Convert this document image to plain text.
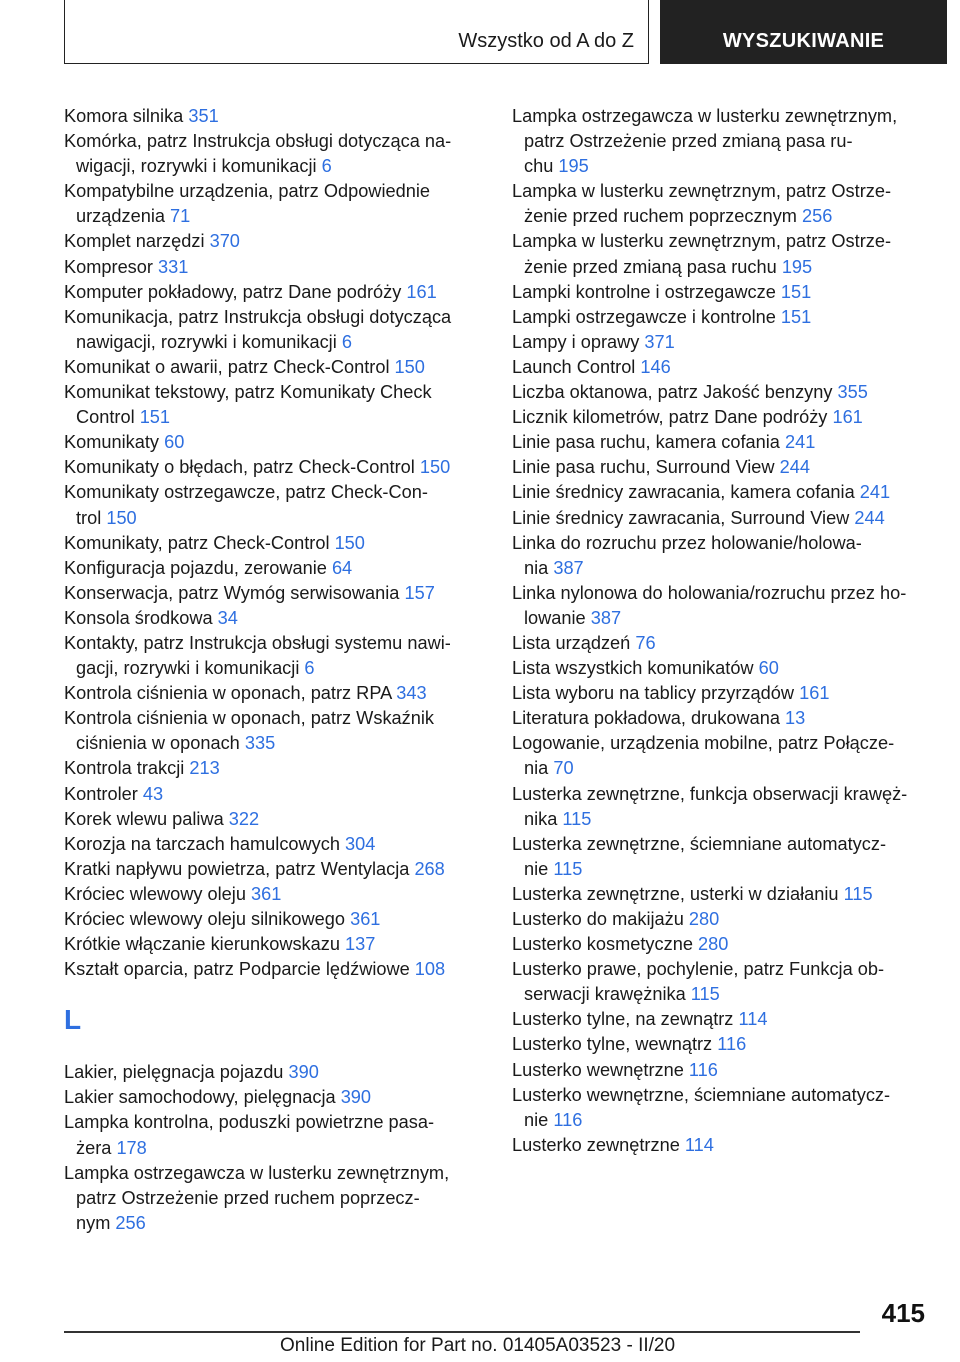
Wszystko od A do Z	WYSZUKIWANIE
Komora silnika 351
Komórka, patrz Instrukcja obsługi dotycząca na-
wigacji, rozrywki i komunikacji 6
Kompatybilne urządzenia, patrz Odpowiednie
urządzenia 71
Komplet narzędzi 370
Kompresor 331
Komputer pokładowy, patrz Dane podróży 161
Komunikacja, patrz Instrukcja obsługi dotycząca
nawigacji, rozrywki i komunikacji 6
Komunikat o awarii, patrz Check-Control 150
Komunikat tekstowy, patrz Komunikaty Check
Control 151
Komunikaty 60
Komunikaty o błędach, patrz Check-Control 150
Komunikaty ostrzegawcze, patrz Check-Con-
trol 150
Komunikaty, patrz Check-Control 150
Konfiguracja pojazdu, zerowanie 64
Konserwacja, patrz Wymóg serwisowania 157
Konsola środkowa 34
Kontakty, patrz Instrukcja obsługi systemu nawi-
gacji, rozrywki i komunikacji 6
Kontrola ciśnienia w oponach, patrz RPA 343
Kontrola ciśnienia w oponach, patrz Wskaźnik
ciśnienia w oponach 335
Kontrola trakcji 213
Kontroler 43
Korek wlewu paliwa 322
Korozja na tarczach hamulcowych 304
Kratki napływu powietrza, patrz Wentylacja 268
Króciec wlewowy oleju 361
Króciec wlewowy oleju silnikowego 361
Krótkie włączanie kierunkowskazu 137
Kształt oparcia, patrz Podparcie lędźwiowe 108
L
Lakier, pielęgnacja pojazdu 390
Lakier samochodowy, pielęgnacja 390
Lampka kontrolna, poduszki powietrzne pasa-
żera 178
Lampka ostrzegawcza w lusterku zewnętrznym,
patrz Ostrzeżenie przed ruchem poprzecz-
nym 256
Lampka ostrzegawcza w lusterku zewnętrznym,
patrz Ostrzeżenie przed zmianą pasa ru-
chu 195
Lampka w lusterku zewnętrznym, patrz Ostrze-
żenie przed ruchem poprzecznym 256
Lampka w lusterku zewnętrznym, patrz Ostrze-
żenie przed zmianą pasa ruchu 195
Lampki kontrolne i ostrzegawcze 151
Lampki ostrzegawcze i kontrolne 151
Lampy i oprawy 371
Launch Control 146
Liczba oktanowa, patrz Jakość benzyny 355
Licznik kilometrów, patrz Dane podróży 161
Linie pasa ruchu, kamera cofania 241
Linie pasa ruchu, Surround View 244
Linie średnicy zawracania, kamera cofania 241
Linie średnicy zawracania, Surround View 244
Linka do rozruchu przez holowanie/holowa-
nia 387
Linka nylonowa do holowania/rozruchu przez ho-
lowanie 387
Lista urządzeń 76
Lista wszystkich komunikatów 60
Lista wyboru na tablicy przyrządów 161
Literatura pokładowa, drukowana 13
Logowanie, urządzenia mobilne, patrz Połącze-
nia 70
Lusterka zewnętrzne, funkcja obserwacji krawęż-
nika 115
Lusterka zewnętrzne, ściemniane automatycz-
nie 115
Lusterka zewnętrzne, usterki w działaniu 115
Lusterko do makijażu 280
Lusterko kosmetyczne 280
Lusterko prawe, pochylenie, patrz Funkcja ob-
serwacji krawężnika 115
Lusterko tylne, na zewnątrz 114
Lusterko tylne, wewnątrz 116
Lusterko wewnętrzne 116
Lusterko wewnętrzne, ściemniane automatycz-
nie 116
Lusterko zewnętrzne 114
415
Online Edition for Part no. 01405A03523 - II/20
